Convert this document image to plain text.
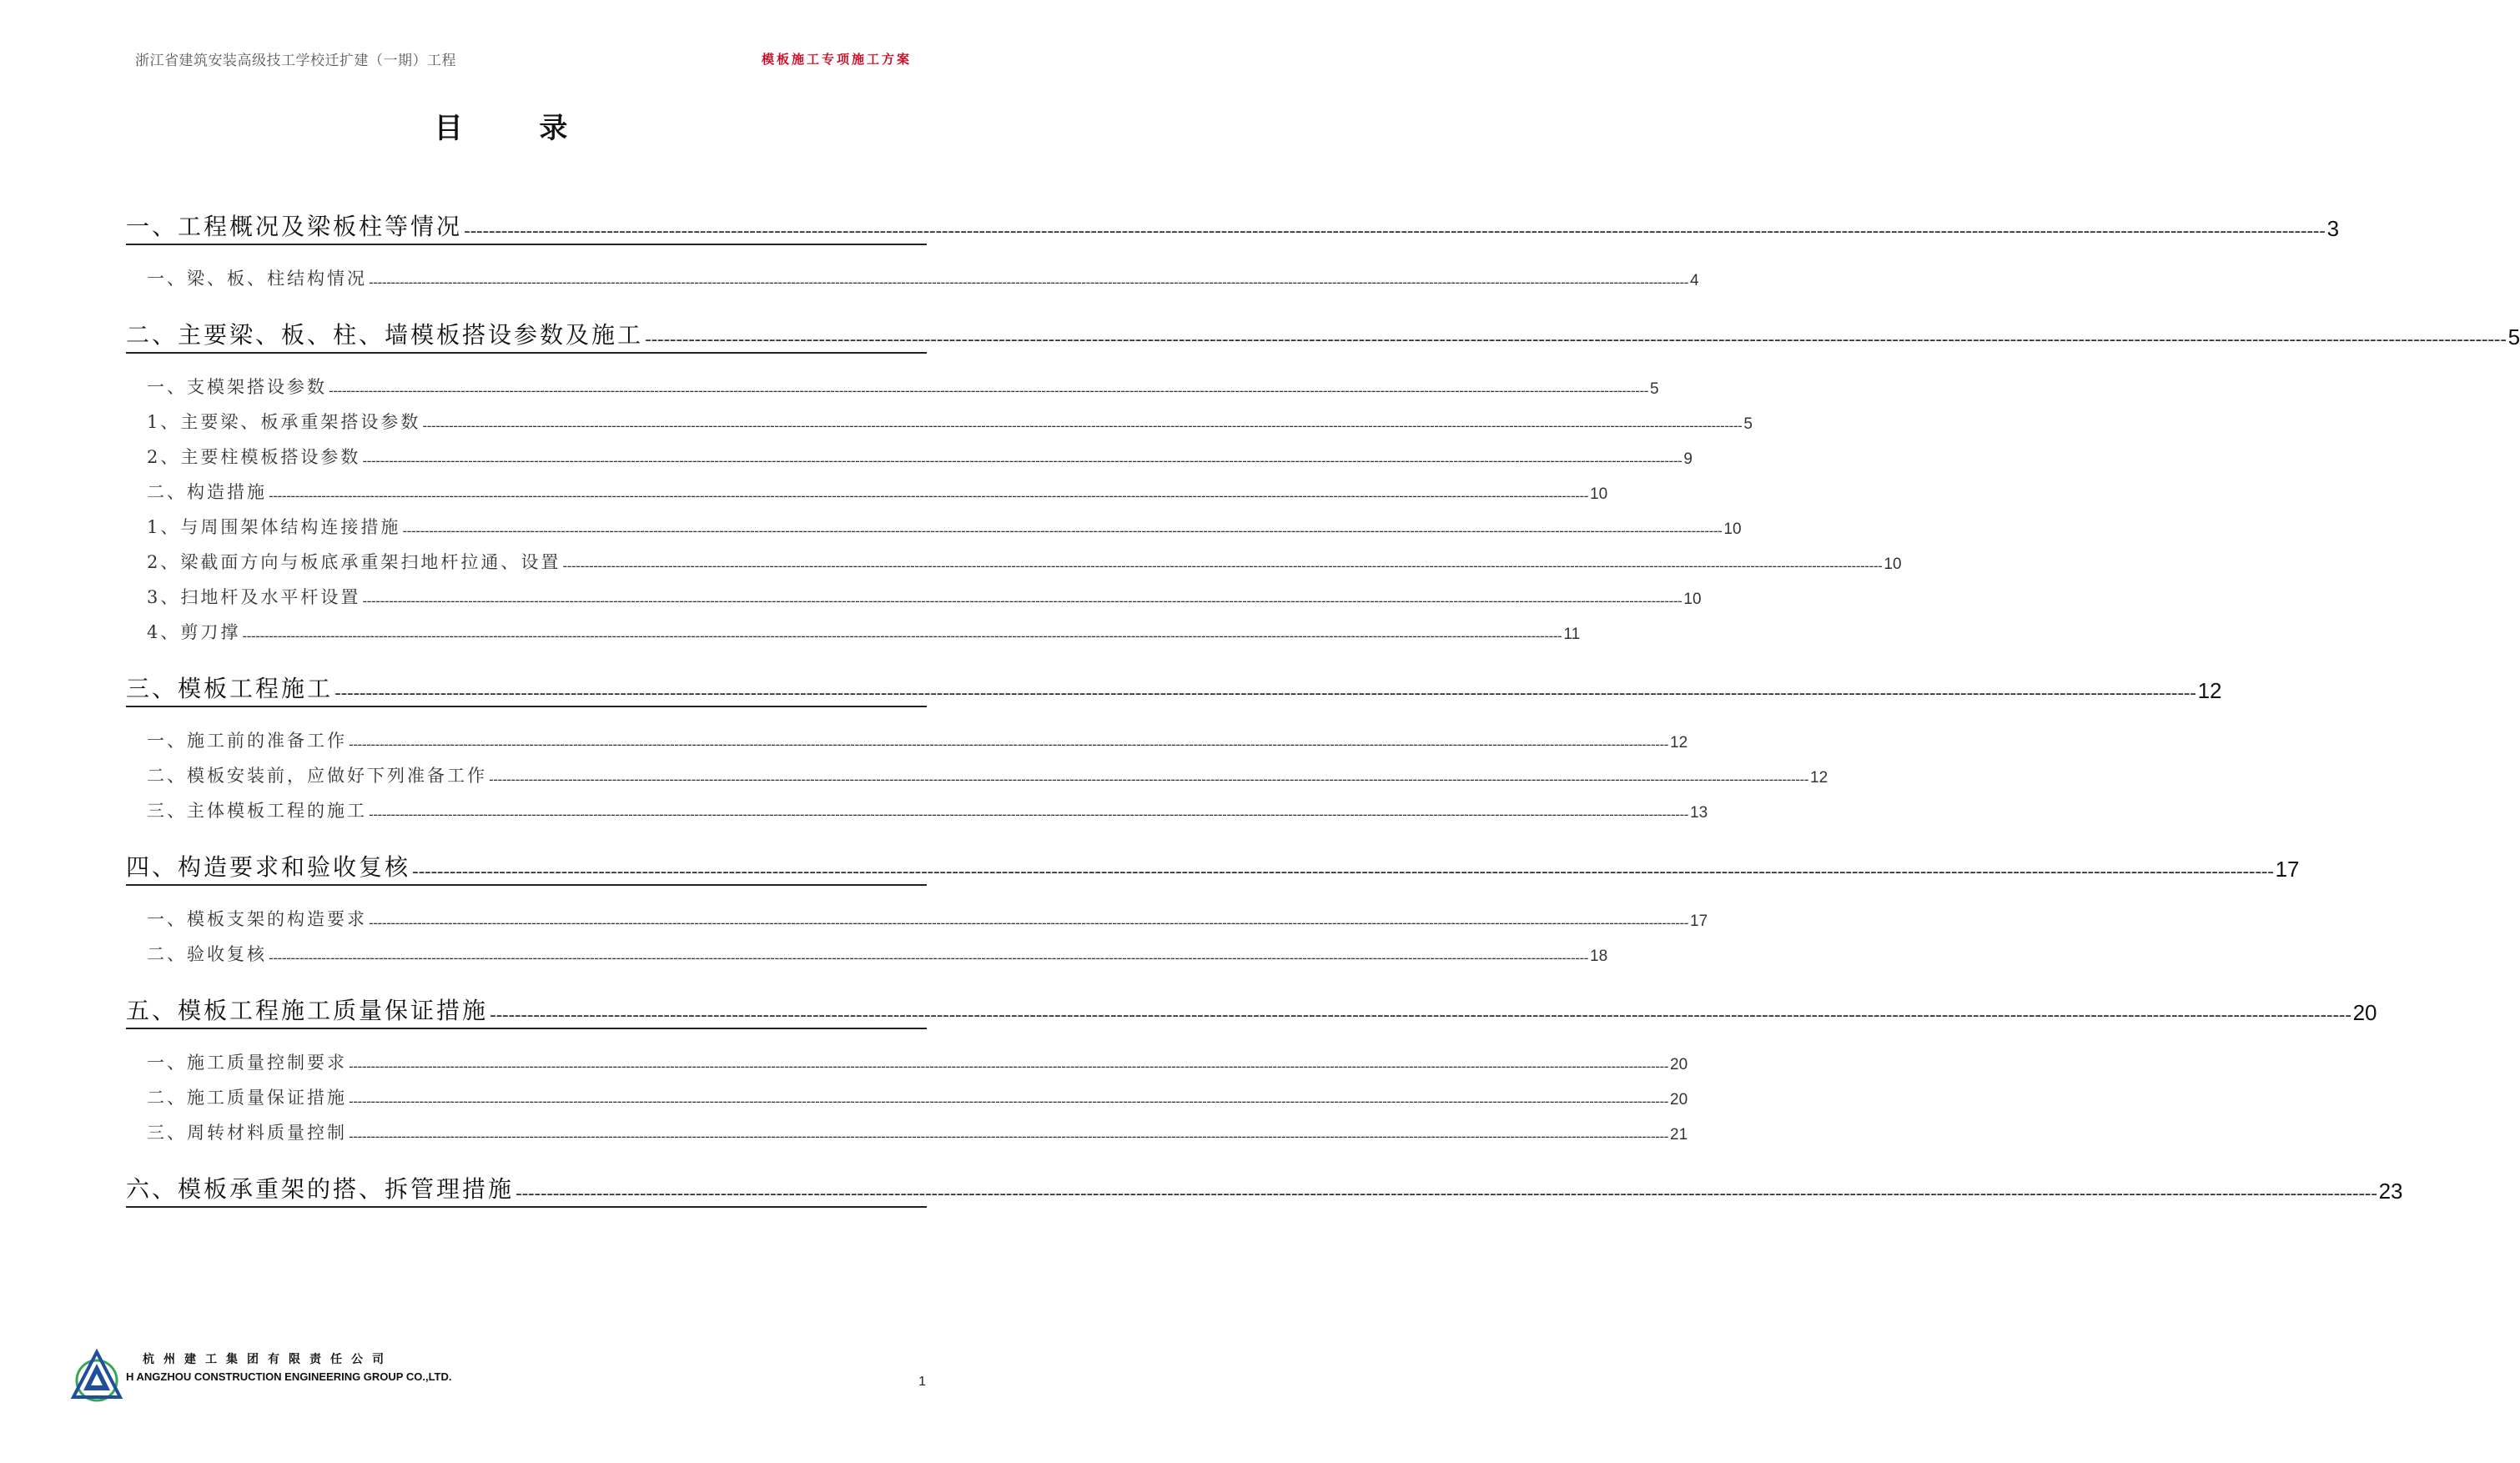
浙江省建筑安装高级技工学校迁扩建（一期）工程	模板施工专项施工方案
目 录
一、工程概况及梁板柱等情况 ------------------------------------------------------------------------------------------------------------------------------------------------------------------------------------------------------------------------------------------------------------------------------------------------------------ 3
一、梁、板、柱结构情况 ------------------------------------------------------------------------------------------------------------------------------------------------------------------------------------------------------------------------------------------------------------------------------------------------------------ 4
二、主要梁、板、柱、墙模板搭设参数及施工 ------------------------------------------------------------------------------------------------------------------------------------------------------------------------------------------------------------------------------------------------------------------------------------------------------------ 5
一、支模架搭设参数 ------------------------------------------------------------------------------------------------------------------------------------------------------------------------------------------------------------------------------------------------------------------------------------------------------------ 5
1、主要梁、板承重架搭设参数 ------------------------------------------------------------------------------------------------------------------------------------------------------------------------------------------------------------------------------------------------------------------------------------------------------------ 5
2、主要柱模板搭设参数 ------------------------------------------------------------------------------------------------------------------------------------------------------------------------------------------------------------------------------------------------------------------------------------------------------------ 9
二、构造措施 ------------------------------------------------------------------------------------------------------------------------------------------------------------------------------------------------------------------------------------------------------------------------------------------------------------ 10
1、与周围架体结构连接措施 ------------------------------------------------------------------------------------------------------------------------------------------------------------------------------------------------------------------------------------------------------------------------------------------------------------ 10
2、梁截面方向与板底承重架扫地杆拉通、设置 ------------------------------------------------------------------------------------------------------------------------------------------------------------------------------------------------------------------------------------------------------------------------------------------------------------ 10
3、扫地杆及水平杆设置 ------------------------------------------------------------------------------------------------------------------------------------------------------------------------------------------------------------------------------------------------------------------------------------------------------------ 10
4、剪刀撑 ------------------------------------------------------------------------------------------------------------------------------------------------------------------------------------------------------------------------------------------------------------------------------------------------------------ 11
三、模板工程施工 ------------------------------------------------------------------------------------------------------------------------------------------------------------------------------------------------------------------------------------------------------------------------------------------------------------ 12
一、施工前的准备工作 ------------------------------------------------------------------------------------------------------------------------------------------------------------------------------------------------------------------------------------------------------------------------------------------------------------ 12
二、模板安装前，应做好下列准备工作 ------------------------------------------------------------------------------------------------------------------------------------------------------------------------------------------------------------------------------------------------------------------------------------------------------------ 12
三、主体模板工程的施工 ------------------------------------------------------------------------------------------------------------------------------------------------------------------------------------------------------------------------------------------------------------------------------------------------------------ 13
四、构造要求和验收复核 ------------------------------------------------------------------------------------------------------------------------------------------------------------------------------------------------------------------------------------------------------------------------------------------------------------ 17
一、模板支架的构造要求 ------------------------------------------------------------------------------------------------------------------------------------------------------------------------------------------------------------------------------------------------------------------------------------------------------------ 17
二、验收复核 ------------------------------------------------------------------------------------------------------------------------------------------------------------------------------------------------------------------------------------------------------------------------------------------------------------ 18
五、模板工程施工质量保证措施 ------------------------------------------------------------------------------------------------------------------------------------------------------------------------------------------------------------------------------------------------------------------------------------------------------------ 20
一、施工质量控制要求 ------------------------------------------------------------------------------------------------------------------------------------------------------------------------------------------------------------------------------------------------------------------------------------------------------------ 20
二、施工质量保证措施 ------------------------------------------------------------------------------------------------------------------------------------------------------------------------------------------------------------------------------------------------------------------------------------------------------------ 20
三、周转材料质量控制 ------------------------------------------------------------------------------------------------------------------------------------------------------------------------------------------------------------------------------------------------------------------------------------------------------------ 21
六、模板承重架的搭、拆管理措施 ------------------------------------------------------------------------------------------------------------------------------------------------------------------------------------------------------------------------------------------------------------------------------------------------------------ 23
杭州建工集团有限责任公司
H ANGZHOU CONSTRUCTION ENGINEERING GROUP CO.,LTD.	1
